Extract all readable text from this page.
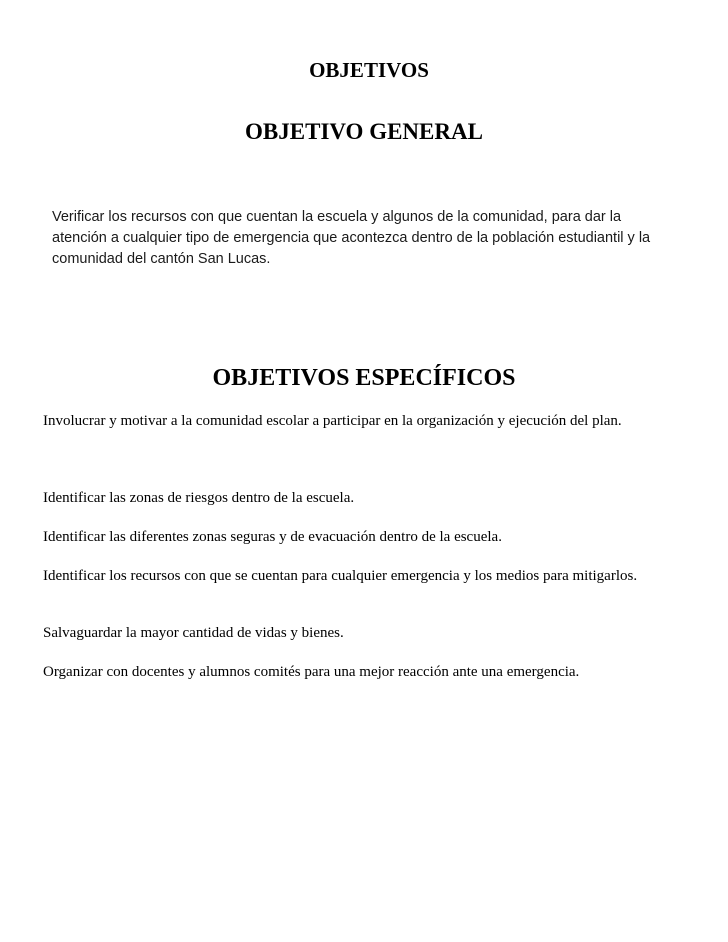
OBJETIVOS
OBJETIVO GENERAL
Verificar los recursos con que cuentan la escuela y algunos de la comunidad, para dar la
atención a cualquier tipo de emergencia que acontezca dentro de la población estudiantil y la
comunidad del cantón San Lucas.
OBJETIVOS ESPECÍFICOS

Involucrar y motivar a la comunidad escolar a participar en la organización y ejecución del plan.

Identificar las zonas de riesgos dentro de la escuela.

Identificar las diferentes zonas seguras y de evacuación dentro de la escuela.

Identificar los recursos con que se cuentan para cualquier emergencia y los medios para mitigarlos.

Salvaguardar la mayor cantidad de vidas y bienes.

Organizar con docentes y alumnos comités para una mejor reacción ante una emergencia.
